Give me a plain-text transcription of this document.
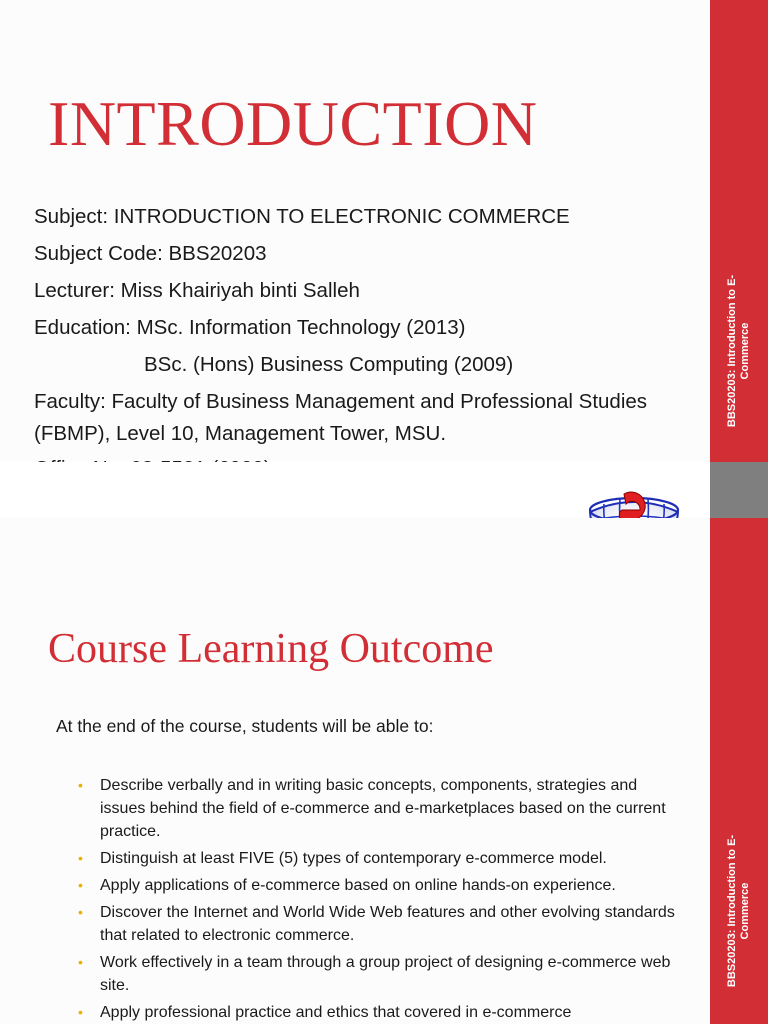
BBS20203: Introduction to E- Commerce
INTRODUCTION
Subject: INTRODUCTION TO ELECTRONIC COMMERCE
Subject Code: BBS20203
Lecturer: Miss Khairiyah binti Salleh
Education: MSc. Information Technology (2013)
BSc. (Hons) Business Computing (2009)
Faculty: Faculty of Business Management and Professional Studies (FBMP), Level 10, Management Tower, MSU.
BBS20203: Introduction to E- Commerce
Course Learning Outcome
At the end of the course, students will be able to:
• Describe verbally and in writing basic concepts, components, strategies and issues behind the field of e-commerce and e-marketplaces based on the current practice.
• Distinguish at least FIVE (5) types of contemporary e-commerce model.
• Apply applications of e-commerce based on online hands-on experience.
• Discover the Internet and World Wide Web features and other evolving standards that related to electronic commerce.
• Work effectively in a team through a group project of designing e-commerce web site.
• Apply professional practice and ethics that covered in e-commerce
